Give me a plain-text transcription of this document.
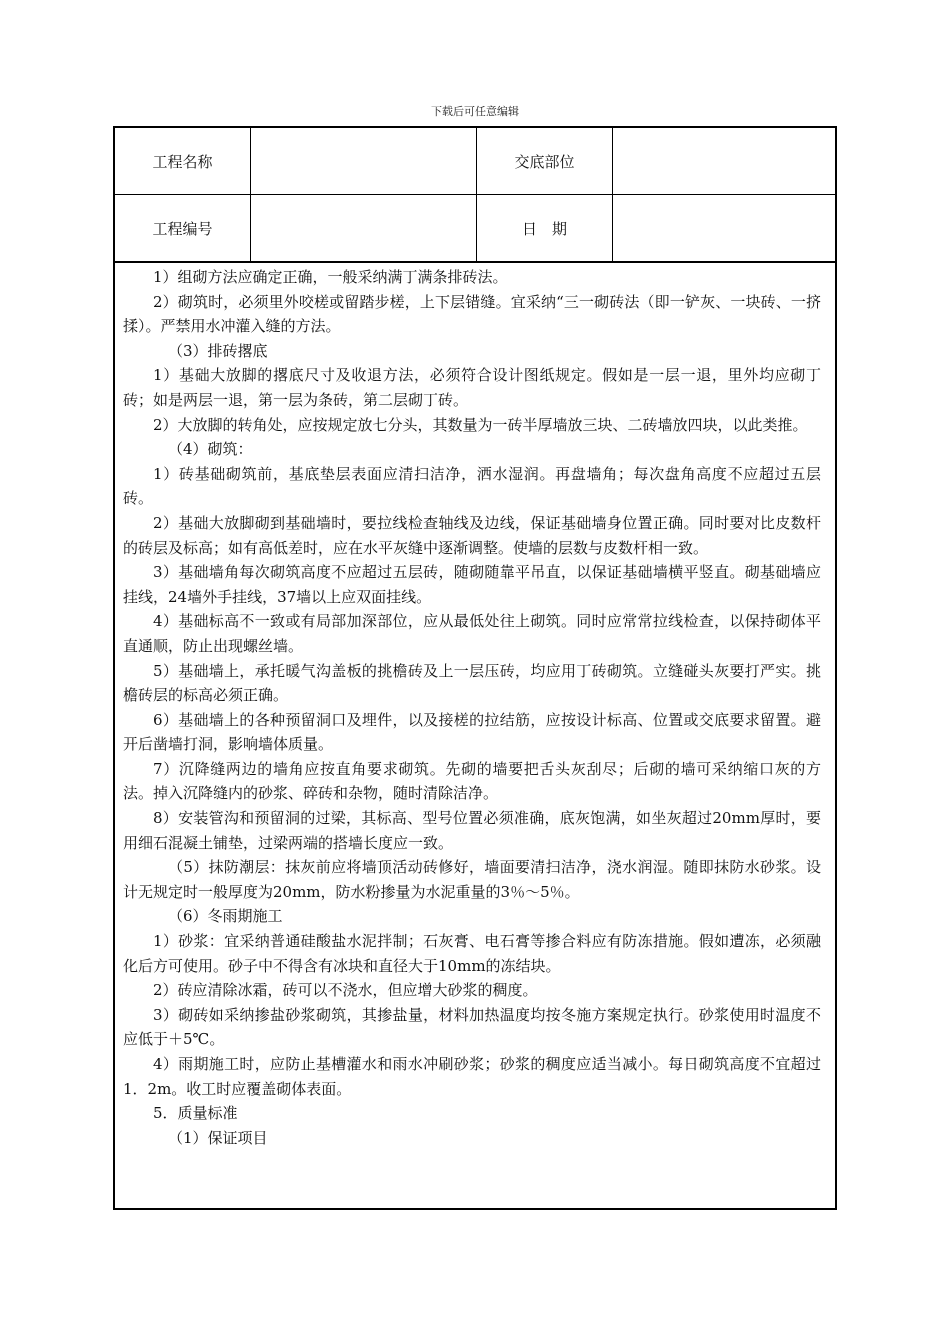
下载后可任意编辑
工程名称	交底部位
工程编号	日　期

1）组砌方法应确定正确，一般采纳满丁满条排砖法。

2）砌筑时，必须里外咬槎或留踏步槎，上下层错缝。宜采纳“三一砌砖法（即一铲灰、一块砖、一挤揉）。严禁用水冲灌入缝的方法。

（3）排砖撂底

1）基础大放脚的撂底尺寸及收退方法，必须符合设计图纸规定。假如是一层一退，里外均应砌丁砖；如是两层一退，第一层为条砖，第二层砌丁砖。

2）大放脚的转角处，应按规定放七分头，其数量为一砖半厚墙放三块、二砖墙放四块，以此类推。

（4）砌筑：

1）砖基础砌筑前，基底垫层表面应清扫洁净，洒水湿润。再盘墙角；每次盘角高度不应超过五层砖。

2）基础大放脚砌到基础墙时，要拉线检查轴线及边线，保证基础墙身位置正确。同时要对比皮数杆的砖层及标高；如有高低差时，应在水平灰缝中逐渐调整。使墙的层数与皮数杆相一致。

3）基础墙角每次砌筑高度不应超过五层砖，随砌随靠平吊直，以保证基础墙横平竖直。砌基础墙应挂线，24墙外手挂线，37墙以上应双面挂线。

4）基础标高不一致或有局部加深部位，应从最低处往上砌筑。同时应常常拉线检查，以保持砌体平直通顺，防止出现螺丝墙。

5）基础墙上，承托暖气沟盖板的挑檐砖及上一层压砖，均应用丁砖砌筑。立缝碰头灰要打严实。挑檐砖层的标高必须正确。

6）基础墙上的各种预留洞口及埋件，以及接槎的拉结筋，应按设计标高、位置或交底要求留置。避开后凿墙打洞，影响墙体质量。

7）沉降缝两边的墙角应按直角要求砌筑。先砌的墙要把舌头灰刮尽；后砌的墙可采纳缩口灰的方法。掉入沉降缝内的砂浆、碎砖和杂物，随时清除洁净。

8）安装管沟和预留洞的过梁，其标高、型号位置必须准确，底灰饱满，如坐灰超过20mm厚时，要用细石混凝土铺垫，过梁两端的搭墙长度应一致。

（5）抹防潮层：抹灰前应将墙顶活动砖修好，墙面要清扫洁净，浇水润湿。随即抹防水砂浆。设计无规定时一般厚度为20mm，防水粉掺量为水泥重量的3％～5％。

（6）冬雨期施工

1）砂浆：宜采纳普通硅酸盐水泥拌制；石灰膏、电石膏等掺合料应有防冻措施。假如遭冻，必须融化后方可使用。砂子中不得含有冰块和直径大于10mm的冻结块。

2）砖应清除冰霜，砖可以不浇水，但应增大砂浆的稠度。

3）砌砖如采纳掺盐砂浆砌筑，其掺盐量，材料加热温度均按冬施方案规定执行。砂浆使用时温度不应低于＋5℃。

4）雨期施工时，应防止基槽灌水和雨水冲刷砂浆；砂浆的稠度应适当减小。每日砌筑高度不宜超过1．2m。收工时应覆盖砌体表面。

5．质量标准

（1）保证项目
